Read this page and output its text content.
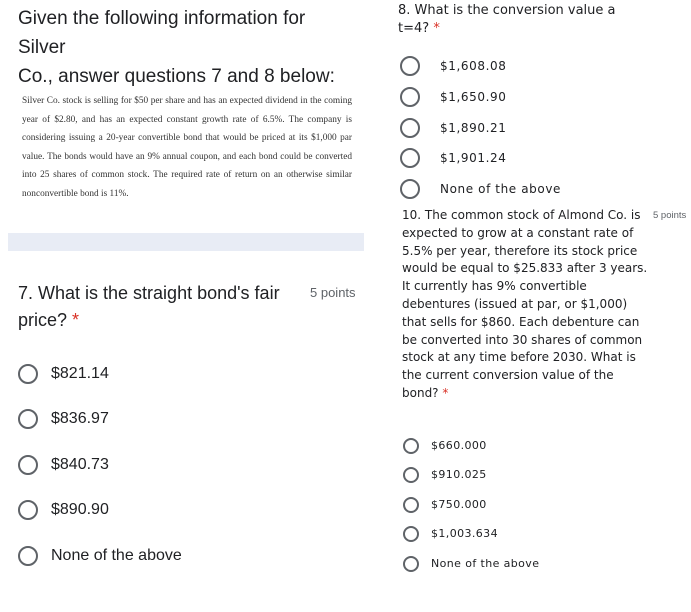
Given the following information for Silver
Co., answer questions 7 and 8 below:
Silver Co. stock is selling for $50 per share and has an expected dividend in the coming year of $2.80, and has an expected constant growth rate of 6.5%. The company is considering issuing a 20-year convertible bond that would be priced at its $1,000 par value. The bonds would have an 9% annual coupon, and each bond could be converted into 25 shares of common stock. The required rate of return on an otherwise similar nonconvertible bond is 11%.
7. What is the straight bond's fair price? *
5 points
$821.14
$836.97
$840.73
$890.90
None of the above
8. What is the conversion value a
t=4? *
$1,608.08
$1,650.90
$1,890.21
$1,901.24
None of the above
10. The common stock of Almond Co. is expected to grow at a constant rate of 5.5% per year, therefore its stock price would be equal to $25.833 after 3 years. It currently has 9% convertible debentures (issued at par, or $1,000) that sells for $860. Each debenture can be converted into 30 shares of common stock at any time before 2030. What is the current conversion value of the bond? *
5 points
$660.000
$910.025
$750.000
$1,003.634
None of the above
